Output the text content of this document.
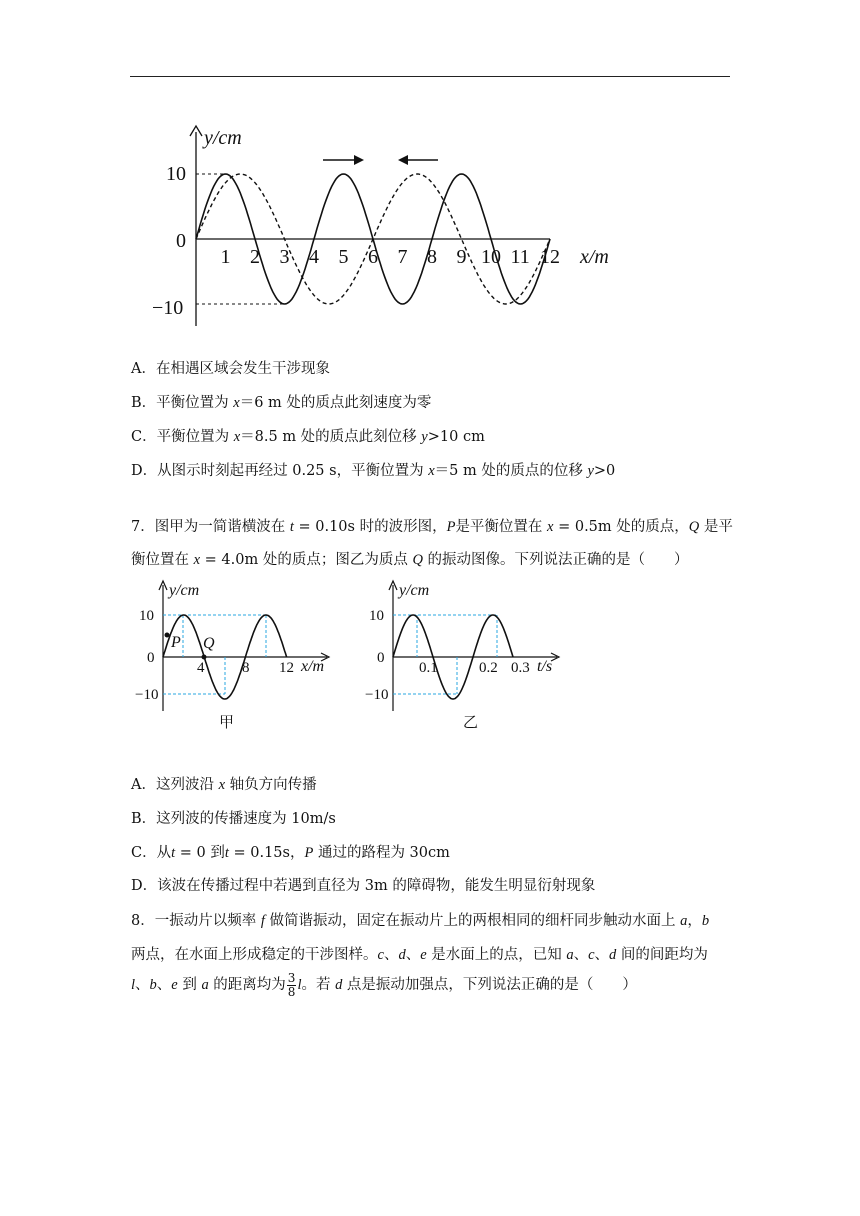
y/cm
x/m
10
0
−10
1 2 3 4 5 6 7 8 9 10 11 12
A．在相遇区域会发生干涉现象
B．平衡位置为 x＝6 m 处的质点此刻速度为零
C．平衡位置为 x＝8.5 m 处的质点此刻位移 y>10 cm
D．从图示时刻起再经过 0.25 s，平衡位置为 x＝5 m 处的质点的位移 y>0
7．图甲为一简谐横波在 t = 0.10s 时的波形图，P是平衡位置在 x = 0.5m 处的质点，Q 是平
衡位置在 x = 4.0m 处的质点；图乙为质点 Q 的振动图像。下列说法正确的是（　　）
y/cm
x/m
10
0
−10
P Q
4	8 12
甲
y/cm
t/s
10
0
−10
0.1	0.2 0.3
乙
A．这列波沿 x 轴负方向传播
B．这列波的传播速度为 10m/s
C．从t = 0 到t = 0.15s，P 通过的路程为 30cm
D．该波在传播过程中若遇到直径为 3m 的障碍物，能发生明显衍射现象
8．一振动片以频率 f 做简谐振动，固定在振动片上的两根相同的细杆同步触动水面上 a，b
两点，在水面上形成稳定的干涉图样。c、d、e 是水面上的点，已知 a、c、d 间的间距均为
l、b、e 到 a 的距离均为 $\frac{3}{8}$ l。若 d 点是振动加强点，下列说法正确的是（　　）
